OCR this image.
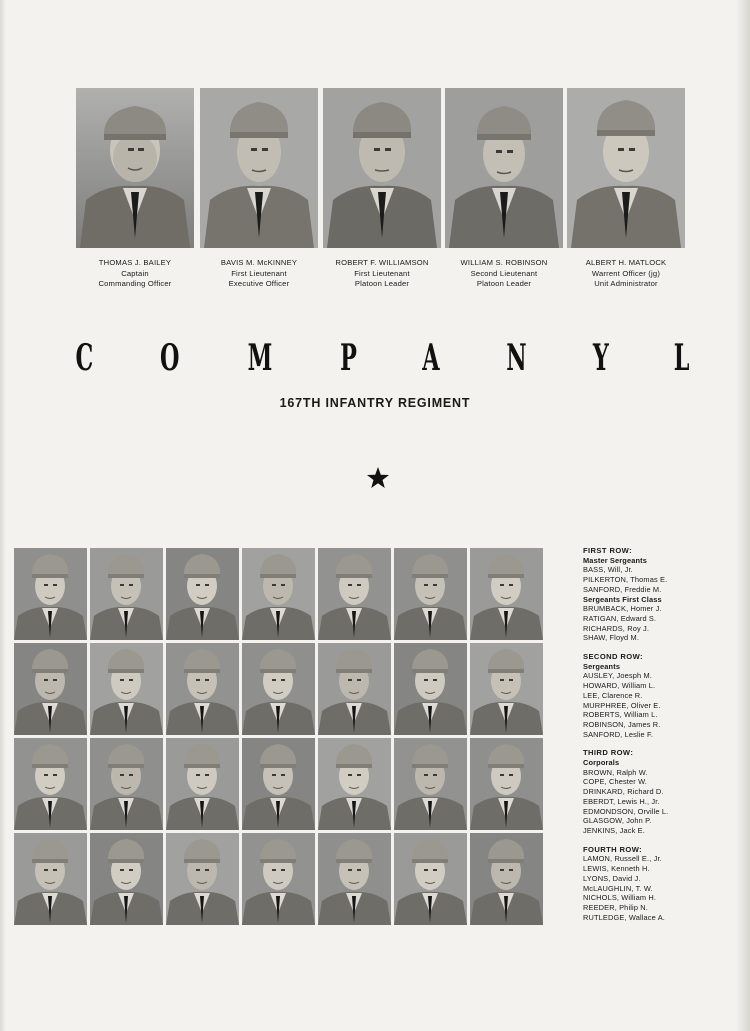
THOMAS J. BAILEY
Captain
Commanding Officer
BAVIS M. McKINNEY
First Lieutenant
Executive Officer
ROBERT F. WILLIAMSON
First Lieutenant
Platoon Leader
WILLIAM S. ROBINSON
Second Lieutenant
Platoon Leader
ALBERT H. MATLOCK
Warrent Officer (jg)
Unit Administrator
C O M P A N Y L
167TH INFANTRY REGIMENT
FIRST ROW:
Master Sergeants
BASS, Will, Jr.
PILKERTON, Thomas E.
SANFORD, Freddie M.
Sergeants First Class
BRUMBACK, Homer J.
RATIGAN, Edward S.
RICHARDS, Roy J.
SHAW, Floyd M.
SECOND ROW:
Sergeants
AUSLEY, Joesph M.
HOWARD, William L.
LEE, Clarence R.
MURPHREE, Oliver E.
ROBERTS, William L.
ROBINSON, James R.
SANFORD, Leslie F.
THIRD ROW:
Corporals
BROWN, Ralph W.
COPE, Chester W.
DRINKARD, Richard D.
EBERDT, Lewis H., Jr.
EDMONDSON, Orville L.
GLASGOW, John P.
JENKINS, Jack E.
FOURTH ROW:
LAMON, Russell E., Jr.
LEWIS, Kenneth H.
LYONS, David J.
McLAUGHLIN, T. W.
NICHOLS, William H.
REEDER, Philip N.
RUTLEDGE, Wallace A.
